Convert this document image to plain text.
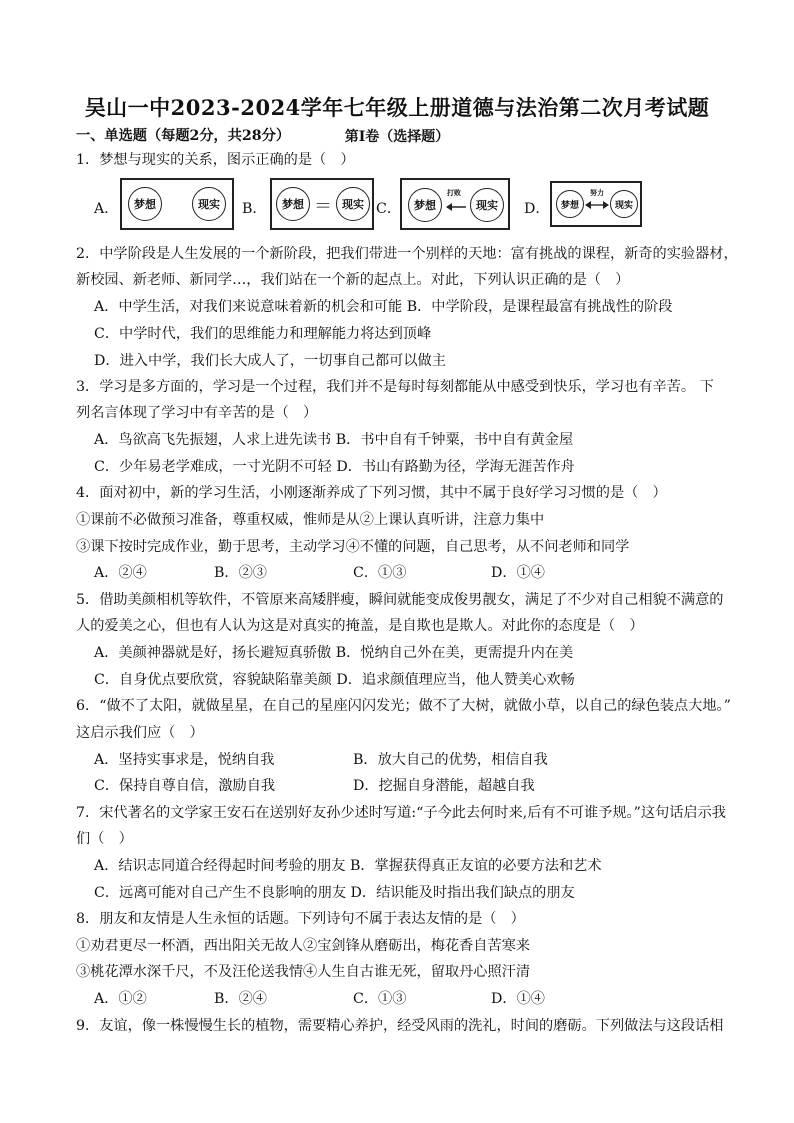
吴山一中2023-2024学年七年级上册道德与法治第二次月考试题
第Ⅰ卷（选择题）
一、单选题（每题2分，共28分）
1．梦想与现实的关系，图示正确的是（　）
A．	梦想	现实	B．	梦想 ＝ 现实 C．	梦想
打败
现实	D．	梦想
努力
现实
2．中学阶段是人生发展的一个新阶段，把我们带进一个别样的天地：富有挑战的课程，新奇的实验器材，
新校园、新老师、新同学…，我们站在一个新的起点上。对此，下列认识正确的是（　）
A．中学生活，对我们来说意味着新的机会和可能 B．中学阶段，是课程最富有挑战性的阶段
C．中学时代，我们的思维能力和理解能力将达到顶峰
D．进入中学，我们长大成人了，一切事自己都可以做主
3．学习是多方面的，学习是一个过程，我们并不是每时每刻都能从中感受到快乐，学习也有辛苦。 下
列名言体现了学习中有辛苦的是（　）
A．鸟欲高飞先振翅，人求上进先读书 B．书中自有千钟粟，书中自有黄金屋
C．少年易老学难成，一寸光阴不可轻 D．书山有路勤为径，学海无涯苦作舟
4．面对初中，新的学习生活，小刚逐渐养成了下列习惯，其中不属于良好学习习惯的是（　）
①课前不必做预习准备，尊重权威，惟师是从②上课认真听讲，注意力集中
③课下按时完成作业，勤于思考，主动学习④不懂的问题，自己思考，从不问老师和同学
A．②④	B．②③	C．①③	D．①④
5．借助美颜相机等软件，不管原来高矮胖瘦，瞬间就能变成俊男靓女，满足了不少对自己相貌不满意的
人的爱美之心，但也有人认为这是对真实的掩盖，是自欺也是欺人。对此你的态度是（　）
A．美颜神器就是好，扬长避短真骄傲 B．悦纳自己外在美，更需提升内在美
C．自身优点要欣赏，容貌缺陷靠美颜 D．追求颜值理应当，他人赞美心欢畅
6．“做不了太阳，就做星星，在自己的星座闪闪发光；做不了大树，就做小草，以自己的绿色装点大地。”
这启示我们应（　）
A．坚持实事求是，悦纳自我	B．放大自己的优势，相信自我
C．保持自尊自信，激励自我	D．挖掘自身潜能，超越自我
7．宋代著名的文学家王安石在送别好友孙少述时写道:“子今此去何时来,后有不可谁予规。”这句话启示我
们（　）
A．结识志同道合经得起时间考验的朋友 B．掌握获得真正友谊的必要方法和艺术
C．远离可能对自己产生不良影响的朋友 D．结识能及时指出我们缺点的朋友
8．朋友和友情是人生永恒的话题。下列诗句不属于表达友情的是（　）
①劝君更尽一杯酒，西出阳关无故人②宝剑锋从磨砺出，梅花香自苦寒来
③桃花潭水深千尺，不及汪伦送我情④人生自古谁无死，留取丹心照汗清
A．①②	B．②④	C．①③	D．①④
9．友谊，像一株慢慢生长的植物，需要精心养护，经受风雨的洗礼，时间的磨砺。下列做法与这段话相
